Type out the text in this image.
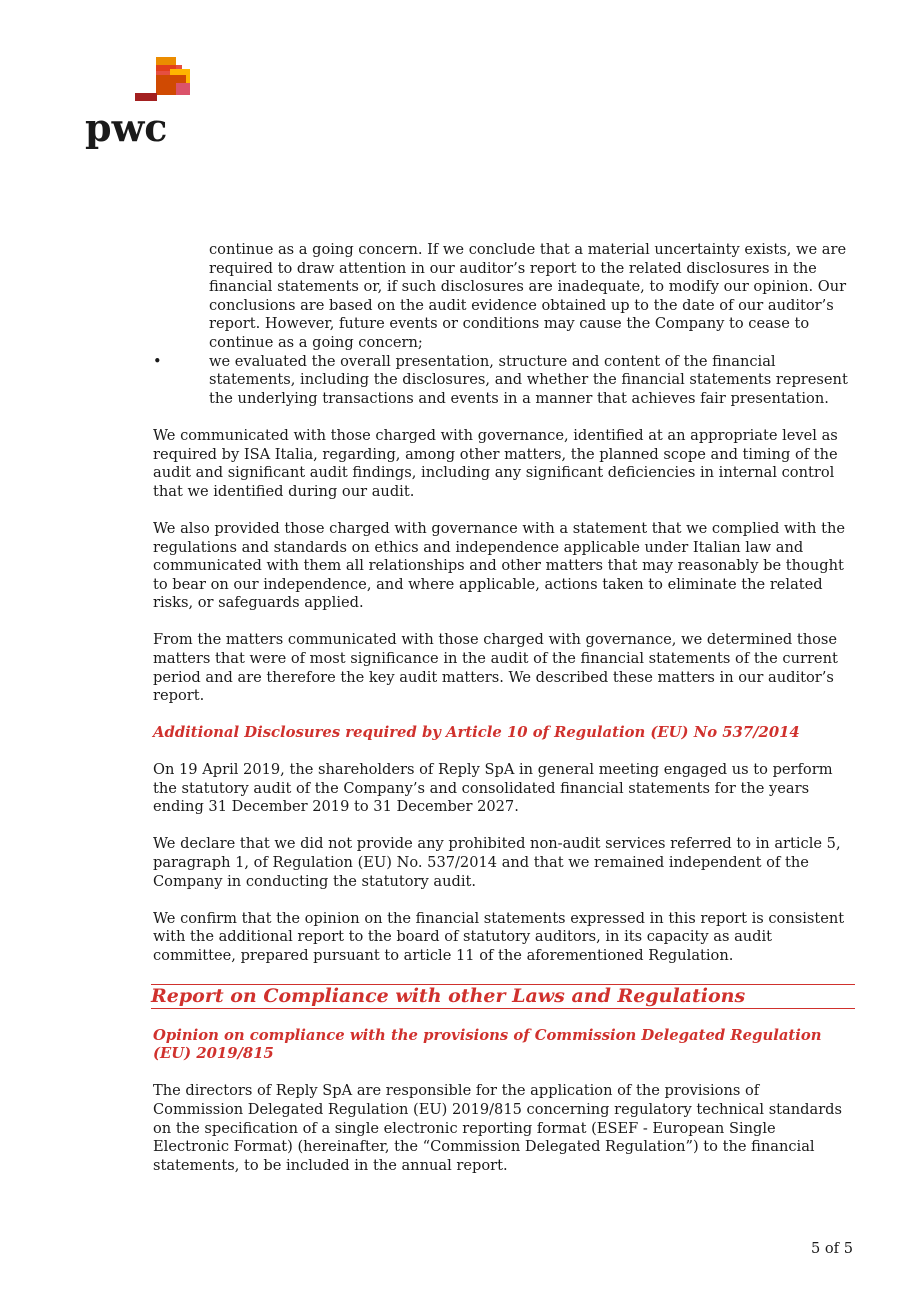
pwc

continue as a going concern. If we conclude that a material uncertainty exists, we are required to draw attention in our auditor’s report to the related disclosures in the financial statements or, if such disclosures are inadequate, to modify our opinion. Our conclusions are based on the audit evidence obtained up to the date of our auditor’s report. However, future events or conditions may cause the Company to cease to continue as a going concern;

•	we evaluated the overall presentation, structure and content of the financial statements, including the disclosures, and whether the financial statements represent the underlying transactions and events in a manner that achieves fair presentation.

We communicated with those charged with governance, identified at an appropriate level as required by ISA Italia, regarding, among other matters, the planned scope and timing of the audit and significant audit findings, including any significant deficiencies in internal control that we identified during our audit.

We also provided those charged with governance with a statement that we complied with the regulations and standards on ethics and independence applicable under Italian law and communicated with them all relationships and other matters that may reasonably be thought to bear on our independence, and where applicable, actions taken to eliminate the related risks, or safeguards applied.

From the matters communicated with those charged with governance, we determined those matters that were of most significance in the audit of the financial statements of the current period and are therefore the key audit matters. We described these matters in our auditor’s report.

Additional Disclosures required by Article 10 of Regulation (EU) No 537/2014

On 19 April 2019, the shareholders of Reply SpA in general meeting engaged us to perform the statutory audit of the Company’s and consolidated financial statements for the years ending 31 December 2019 to 31 December 2027.

We declare that we did not provide any prohibited non-audit services referred to in article 5, paragraph 1, of Regulation (EU) No. 537/2014 and that we remained independent of the Company in conducting the statutory audit.

We confirm that the opinion on the financial statements expressed in this report is consistent with the additional report to the board of statutory auditors, in its capacity as audit committee, prepared pursuant to article 11 of the aforementioned Regulation.

Report on Compliance with other Laws and Regulations

Opinion on compliance with the provisions of Commission Delegated Regulation (EU) 2019/815

The directors of Reply SpA are responsible for the application of the provisions of Commission Delegated Regulation (EU) 2019/815 concerning regulatory technical standards on the specification of a single electronic reporting format (ESEF - European Single Electronic Format) (hereinafter, the “Commission Delegated Regulation”) to the financial statements, to be included in the annual report.

5 of 5
